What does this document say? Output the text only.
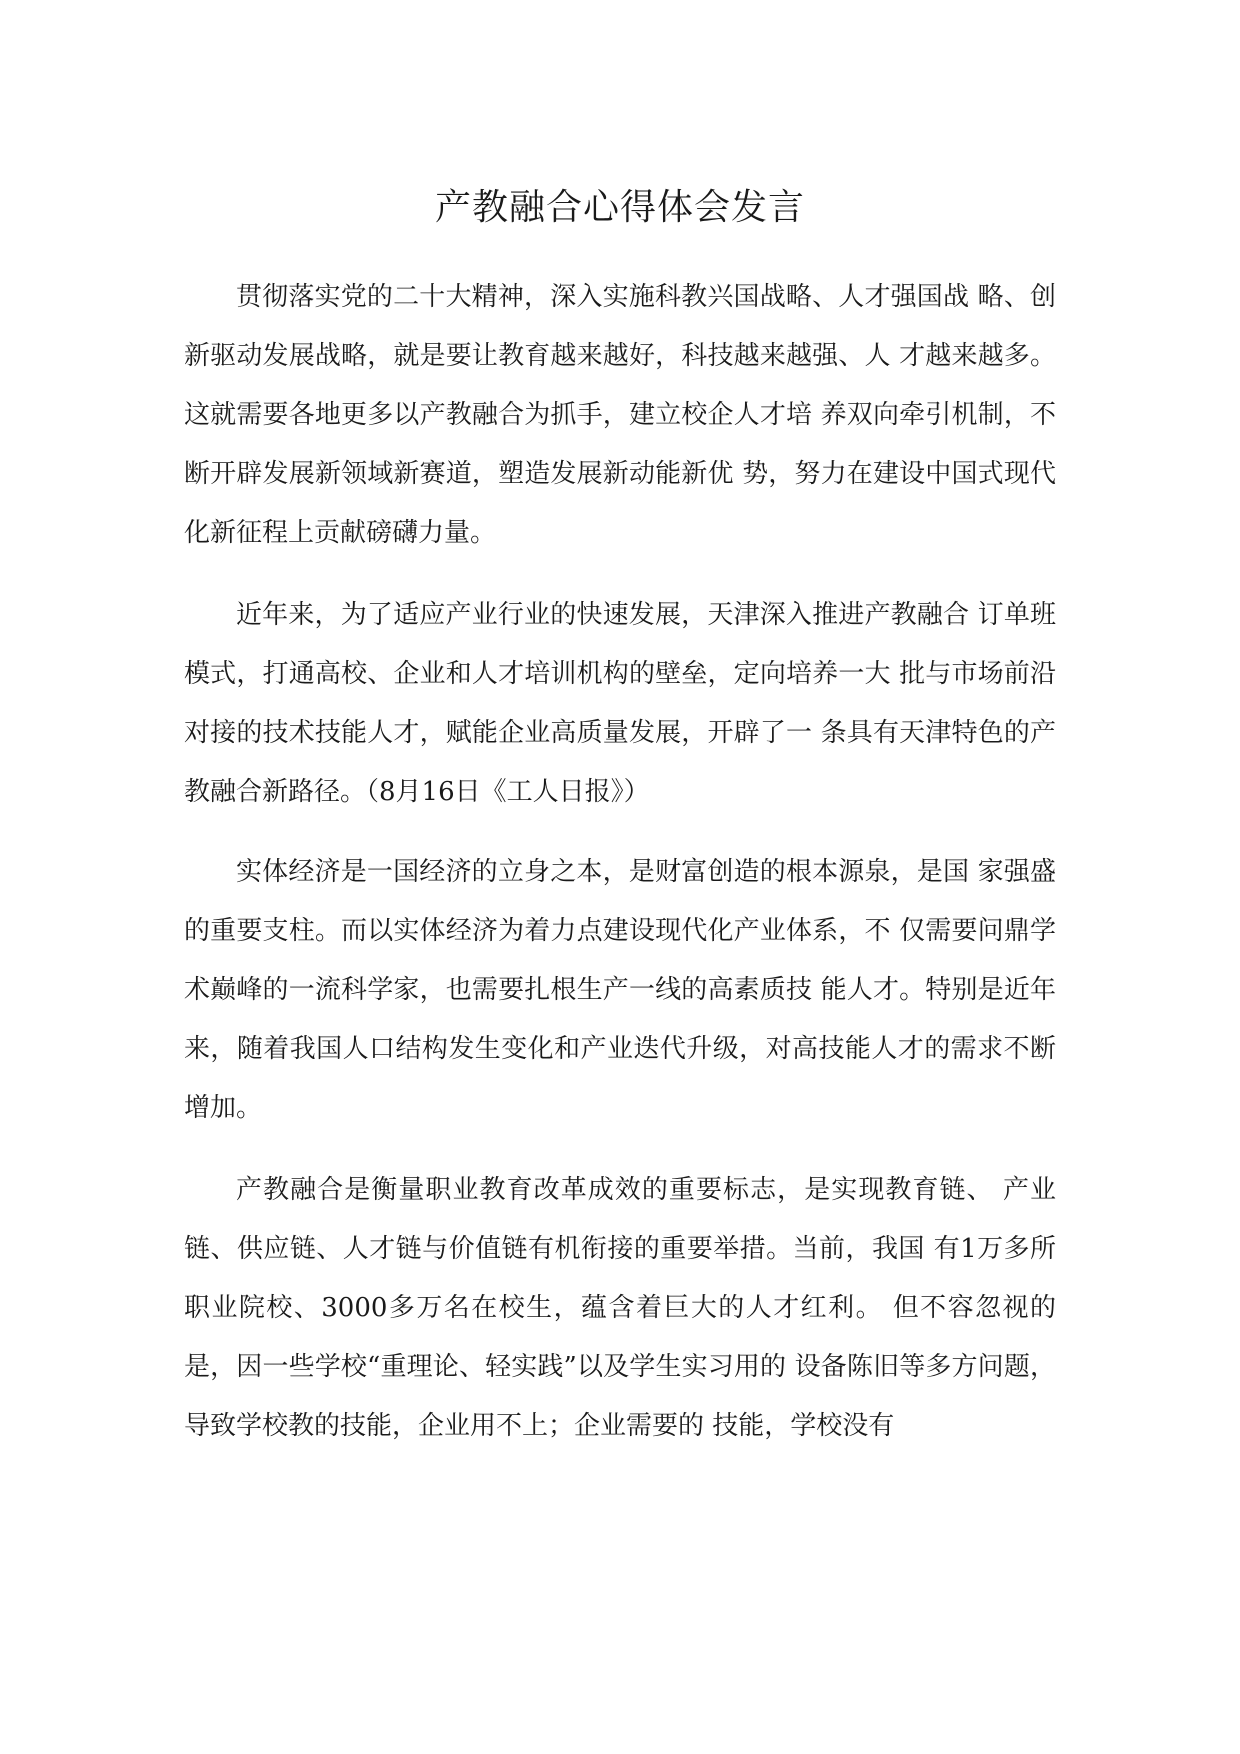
产教融合心得体会发言

贯彻落实党的二十大精神，深入实施科教兴国战略、人才强国战 略、创新驱动发展战略，就是要让教育越来越好，科技越来越强、人 才越来越多。这就需要各地更多以产教融合为抓手，建立校企人才培 养双向牵引机制，不断开辟发展新领域新赛道，塑造发展新动能新优 势，努力在建设中国式现代化新征程上贡献磅礴力量。

近年来，为了适应产业行业的快速发展，天津深入推进产教融合 订单班模式，打通高校、企业和人才培训机构的壁垒，定向培养一大 批与市场前沿对接的技术技能人才，赋能企业高质量发展，开辟了一 条具有天津特色的产教融合新路径。（8月16日《工人日报》）

实体经济是一国经济的立身之本，是财富创造的根本源泉，是国 家强盛的重要支柱。而以实体经济为着力点建设现代化产业体系，不 仅需要问鼎学术巅峰的一流科学家，也需要扎根生产一线的高素质技 能人才。特别是近年来，随着我国人口结构发生变化和产业迭代升级，对高技能人才的需求不断增加。

产教融合是衡量职业教育改革成效的重要标志，是实现教育链、 产业链、供应链、人才链与价值链有机衔接的重要举措。当前，我国 有1万多所职业院校、3000多万名在校生，蕴含着巨大的人才红利。 但不容忽视的是，因一些学校“重理论、轻实践”以及学生实习用的 设备陈旧等多方问题，导致学校教的技能，企业用不上；企业需要的 技能，学校没有
